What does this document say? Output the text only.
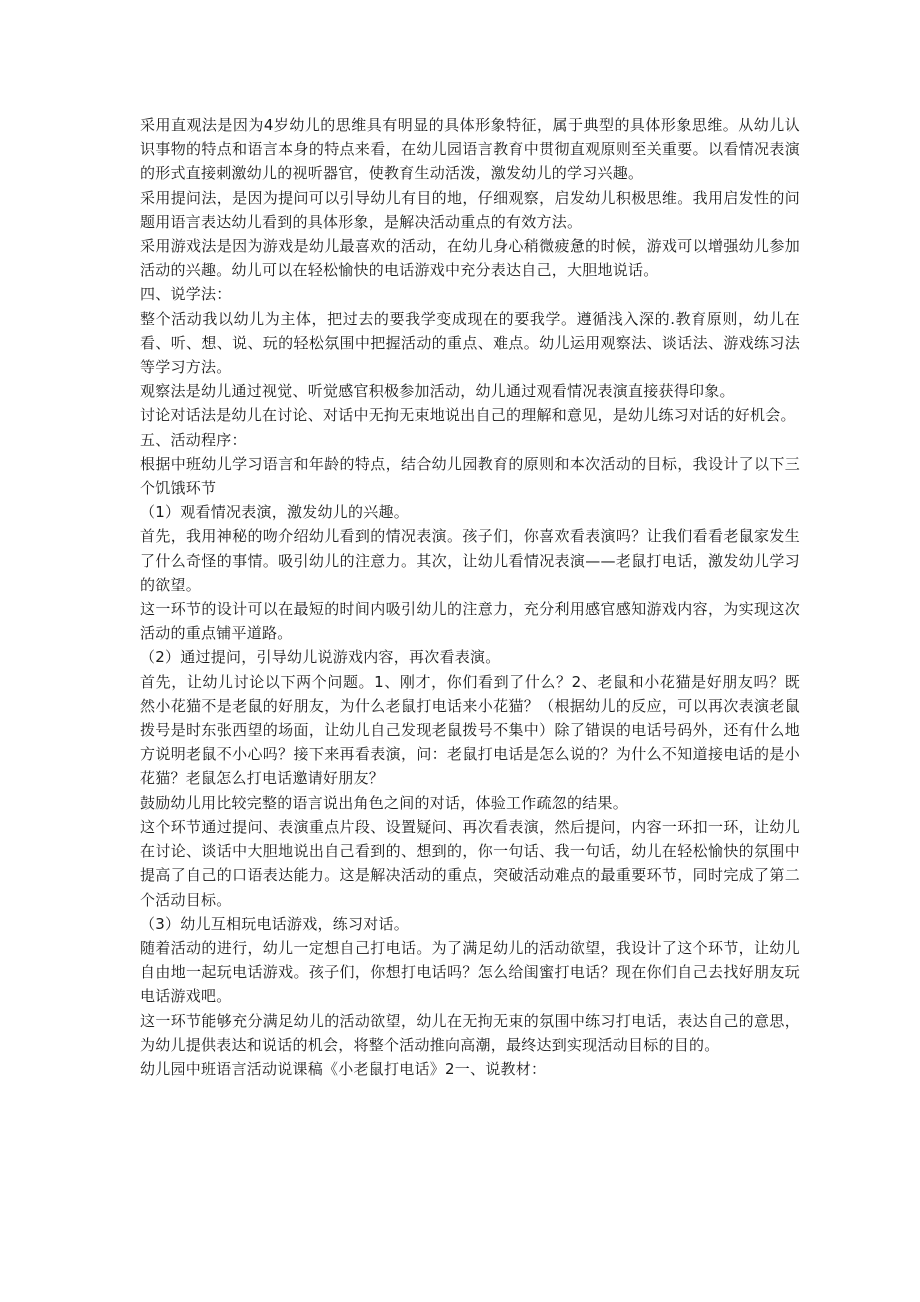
采用直观法是因为4岁幼儿的思维具有明显的具体形象特征，属于典型的具体形象思维。从幼儿认识事物的特点和语言本身的特点来看，在幼儿园语言教育中贯彻直观原则至关重要。以看情况表演的形式直接刺激幼儿的视听器官，使教育生动活泼，激发幼儿的学习兴趣。

采用提问法，是因为提问可以引导幼儿有目的地，仔细观察，启发幼儿积极思维。我用启发性的问题用语言表达幼儿看到的具体形象，是解决活动重点的有效方法。

采用游戏法是因为游戏是幼儿最喜欢的活动，在幼儿身心稍微疲惫的时候，游戏可以增强幼儿参加活动的兴趣。幼儿可以在轻松愉快的电话游戏中充分表达自己，大胆地说话。

四、说学法：

整个活动我以幼儿为主体，把过去的要我学变成现在的要我学。遵循浅入深的.教育原则，幼儿在看、听、想、说、玩的轻松氛围中把握活动的重点、难点。幼儿运用观察法、谈话法、游戏练习法等学习方法。

观察法是幼儿通过视觉、听觉感官积极参加活动，幼儿通过观看情况表演直接获得印象。

讨论对话法是幼儿在讨论、对话中无拘无束地说出自己的理解和意见，是幼儿练习对话的好机会。

五、活动程序：

根据中班幼儿学习语言和年龄的特点，结合幼儿园教育的原则和本次活动的目标，我设计了以下三个饥饿环节

（1）观看情况表演，激发幼儿的兴趣。

首先，我用神秘的吻介绍幼儿看到的情况表演。孩子们，你喜欢看表演吗？让我们看看老鼠家发生了什么奇怪的事情。吸引幼儿的注意力。其次，让幼儿看情况表演——老鼠打电话，激发幼儿学习的欲望。

这一环节的设计可以在最短的时间内吸引幼儿的注意力，充分利用感官感知游戏内容，为实现这次活动的重点铺平道路。

（2）通过提问，引导幼儿说游戏内容，再次看表演。

首先，让幼儿讨论以下两个问题。1、刚才，你们看到了什么？2、老鼠和小花猫是好朋友吗？既然小花猫不是老鼠的好朋友，为什么老鼠打电话来小花猫？（根据幼儿的反应，可以再次表演老鼠拨号是时东张西望的场面，让幼儿自己发现老鼠拨号不集中）除了错误的电话号码外，还有什么地方说明老鼠不小心吗？接下来再看表演，问：老鼠打电话是怎么说的？为什么不知道接电话的是小花猫？老鼠怎么打电话邀请好朋友？

鼓励幼儿用比较完整的语言说出角色之间的对话，体验工作疏忽的结果。

这个环节通过提问、表演重点片段、设置疑问、再次看表演，然后提问，内容一环扣一环，让幼儿在讨论、谈话中大胆地说出自己看到的、想到的，你一句话、我一句话，幼儿在轻松愉快的氛围中提高了自己的口语表达能力。这是解决活动的重点，突破活动难点的最重要环节，同时完成了第二个活动目标。

（3）幼儿互相玩电话游戏，练习对话。

随着活动的进行，幼儿一定想自己打电话。为了满足幼儿的活动欲望，我设计了这个环节，让幼儿自由地一起玩电话游戏。孩子们，你想打电话吗？怎么给闺蜜打电话？现在你们自己去找好朋友玩电话游戏吧。

这一环节能够充分满足幼儿的活动欲望，幼儿在无拘无束的氛围中练习打电话，表达自己的意思，为幼儿提供表达和说话的机会，将整个活动推向高潮，最终达到实现活动目标的目的。

幼儿园中班语言活动说课稿《小老鼠打电话》2一、说教材：
